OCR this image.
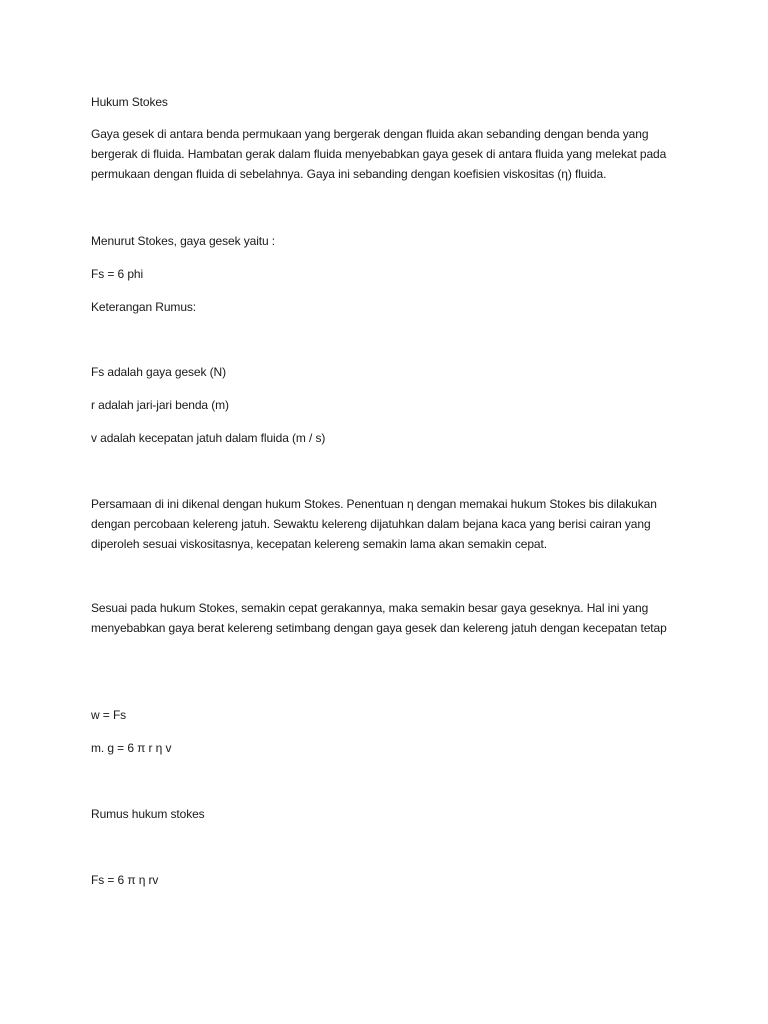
Hukum Stokes

Gaya gesek di antara benda permukaan yang bergerak dengan fluida akan sebanding dengan benda yang bergerak di fluida. Hambatan gerak dalam fluida menyebabkan gaya gesek di antara fluida yang melekat pada permukaan dengan fluida di sebelahnya. Gaya ini sebanding dengan koefisien viskositas (η) fluida.

Menurut Stokes, gaya gesek yaitu :

Fs = 6 phi

Keterangan Rumus:

Fs adalah gaya gesek (N)

r adalah jari-jari benda (m)

v adalah kecepatan jatuh dalam fluida (m / s)

Persamaan di ini dikenal dengan hukum Stokes. Penentuan η dengan memakai hukum Stokes bis dilakukan dengan percobaan kelereng jatuh. Sewaktu kelereng dijatuhkan dalam bejana kaca yang berisi cairan yang diperoleh sesuai viskositasnya, kecepatan kelereng semakin lama akan semakin cepat.

Sesuai pada hukum Stokes, semakin cepat gerakannya, maka semakin besar gaya geseknya. Hal ini yang menyebabkan gaya berat kelereng setimbang dengan gaya gesek dan kelereng jatuh dengan kecepatan tetap

w = Fs

m. g = 6 π r η v

Rumus hukum stokes

Fs = 6 π η rv
